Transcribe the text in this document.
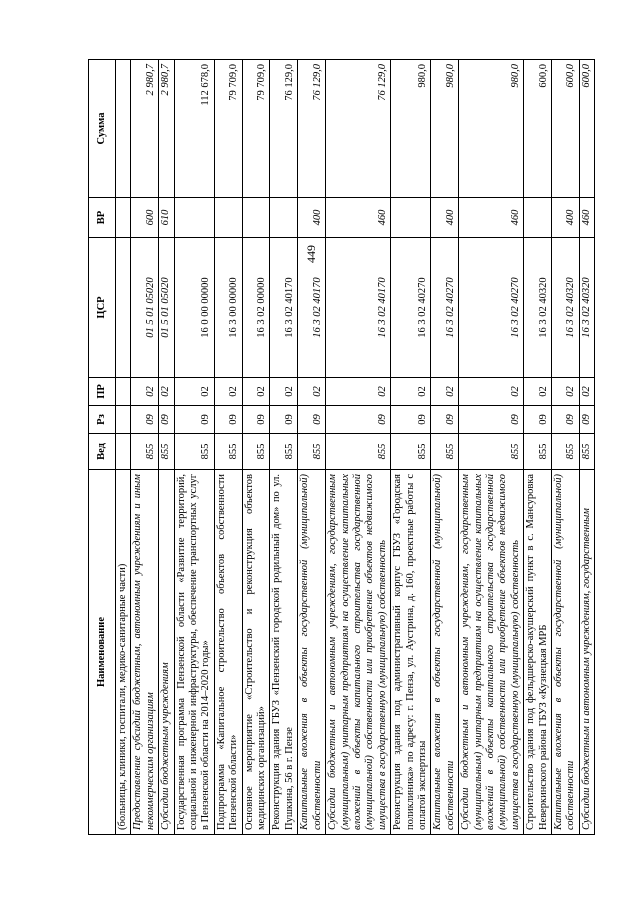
449
Наименование	Вед	Рз	ПР	ЦСР	ВР	Сумма
(больницы, клиники, госпитали, медико-санитарные части)						
Предоставление субсидий бюджетным, автономным учреждениям и иным некоммерческим организациям	855	09	02	01 5 01 05020	600	2 980,7
Субсидии бюджетным учреждениям	855	09	02	01 5 01 05020	610	2 980,7
Государственная программа Пензенской области «Развитие территорий, социальной и инженерной инфраструктуры, обеспечение транспортных услуг в Пензенской области на 2014–2020 годы»	855	09	02	16 0 00 00000		112 678,0
Подпрограмма «Капитальное строительство объектов собственности Пензенской области»	855	09	02	16 3 00 00000		79 709,0
Основное мероприятие «Строительство и реконструкция объектов медицинских организаций»	855	09	02	16 3 02 00000		79 709,0
Реконструкция здания ГБУЗ «Пензенский городской родильный дом» по ул. Пушкина, 56 в г. Пензе	855	09	02	16 3 02 40170		76 129,0
Капитальные вложения в объекты государственной (муниципальной) собственности	855	09	02	16 3 02 40170	400	76 129,0
Субсидии бюджетным и автономным учреждениям, государственным (муниципальным) унитарным предприятиям на осуществление капитальных вложений в объекты капитального строительства государственной (муниципальной) собственности или приобретение объектов недвижимого имущества в государственную (муниципальную) собственность	855	09	02	16 3 02 40170	460	76 129,0
Реконструкция здания под административный корпус ГБУЗ «Городская поликлиника» по адресу: г. Пенза, ул. Аустрина, д. 160, проектные работы с оплатой экспертизы	855	09	02	16 3 02 40270		980,0
Капитальные вложения в объекты государственной (муниципальной) собственности	855	09	02	16 3 02 40270	400	980,0
Субсидии бюджетным и автономным учреждениям, государственным (муниципальным) унитарным предприятиям на осуществление капитальных вложений в объекты капитального строительства государственной (муниципальной) собственности или приобретение объектов недвижимого имущества в государственную (муниципальную) собственность	855	09	02	16 3 02 40270	460	980,0
Строительство здания под фельдшерско-акушерский пункт в с. Мансуровка Неверкинского района ГБУЗ «Кузнецкая МРБ	855	09	02	16 3 02 40320		600,0
Капитальные вложения в объекты государственной (муниципальной) собственности	855	09	02	16 3 02 40320	400	600,0
Субсидии бюджетным и автономным учреждениям, государственным	855	09	02	16 3 02 40320	460	600,0
